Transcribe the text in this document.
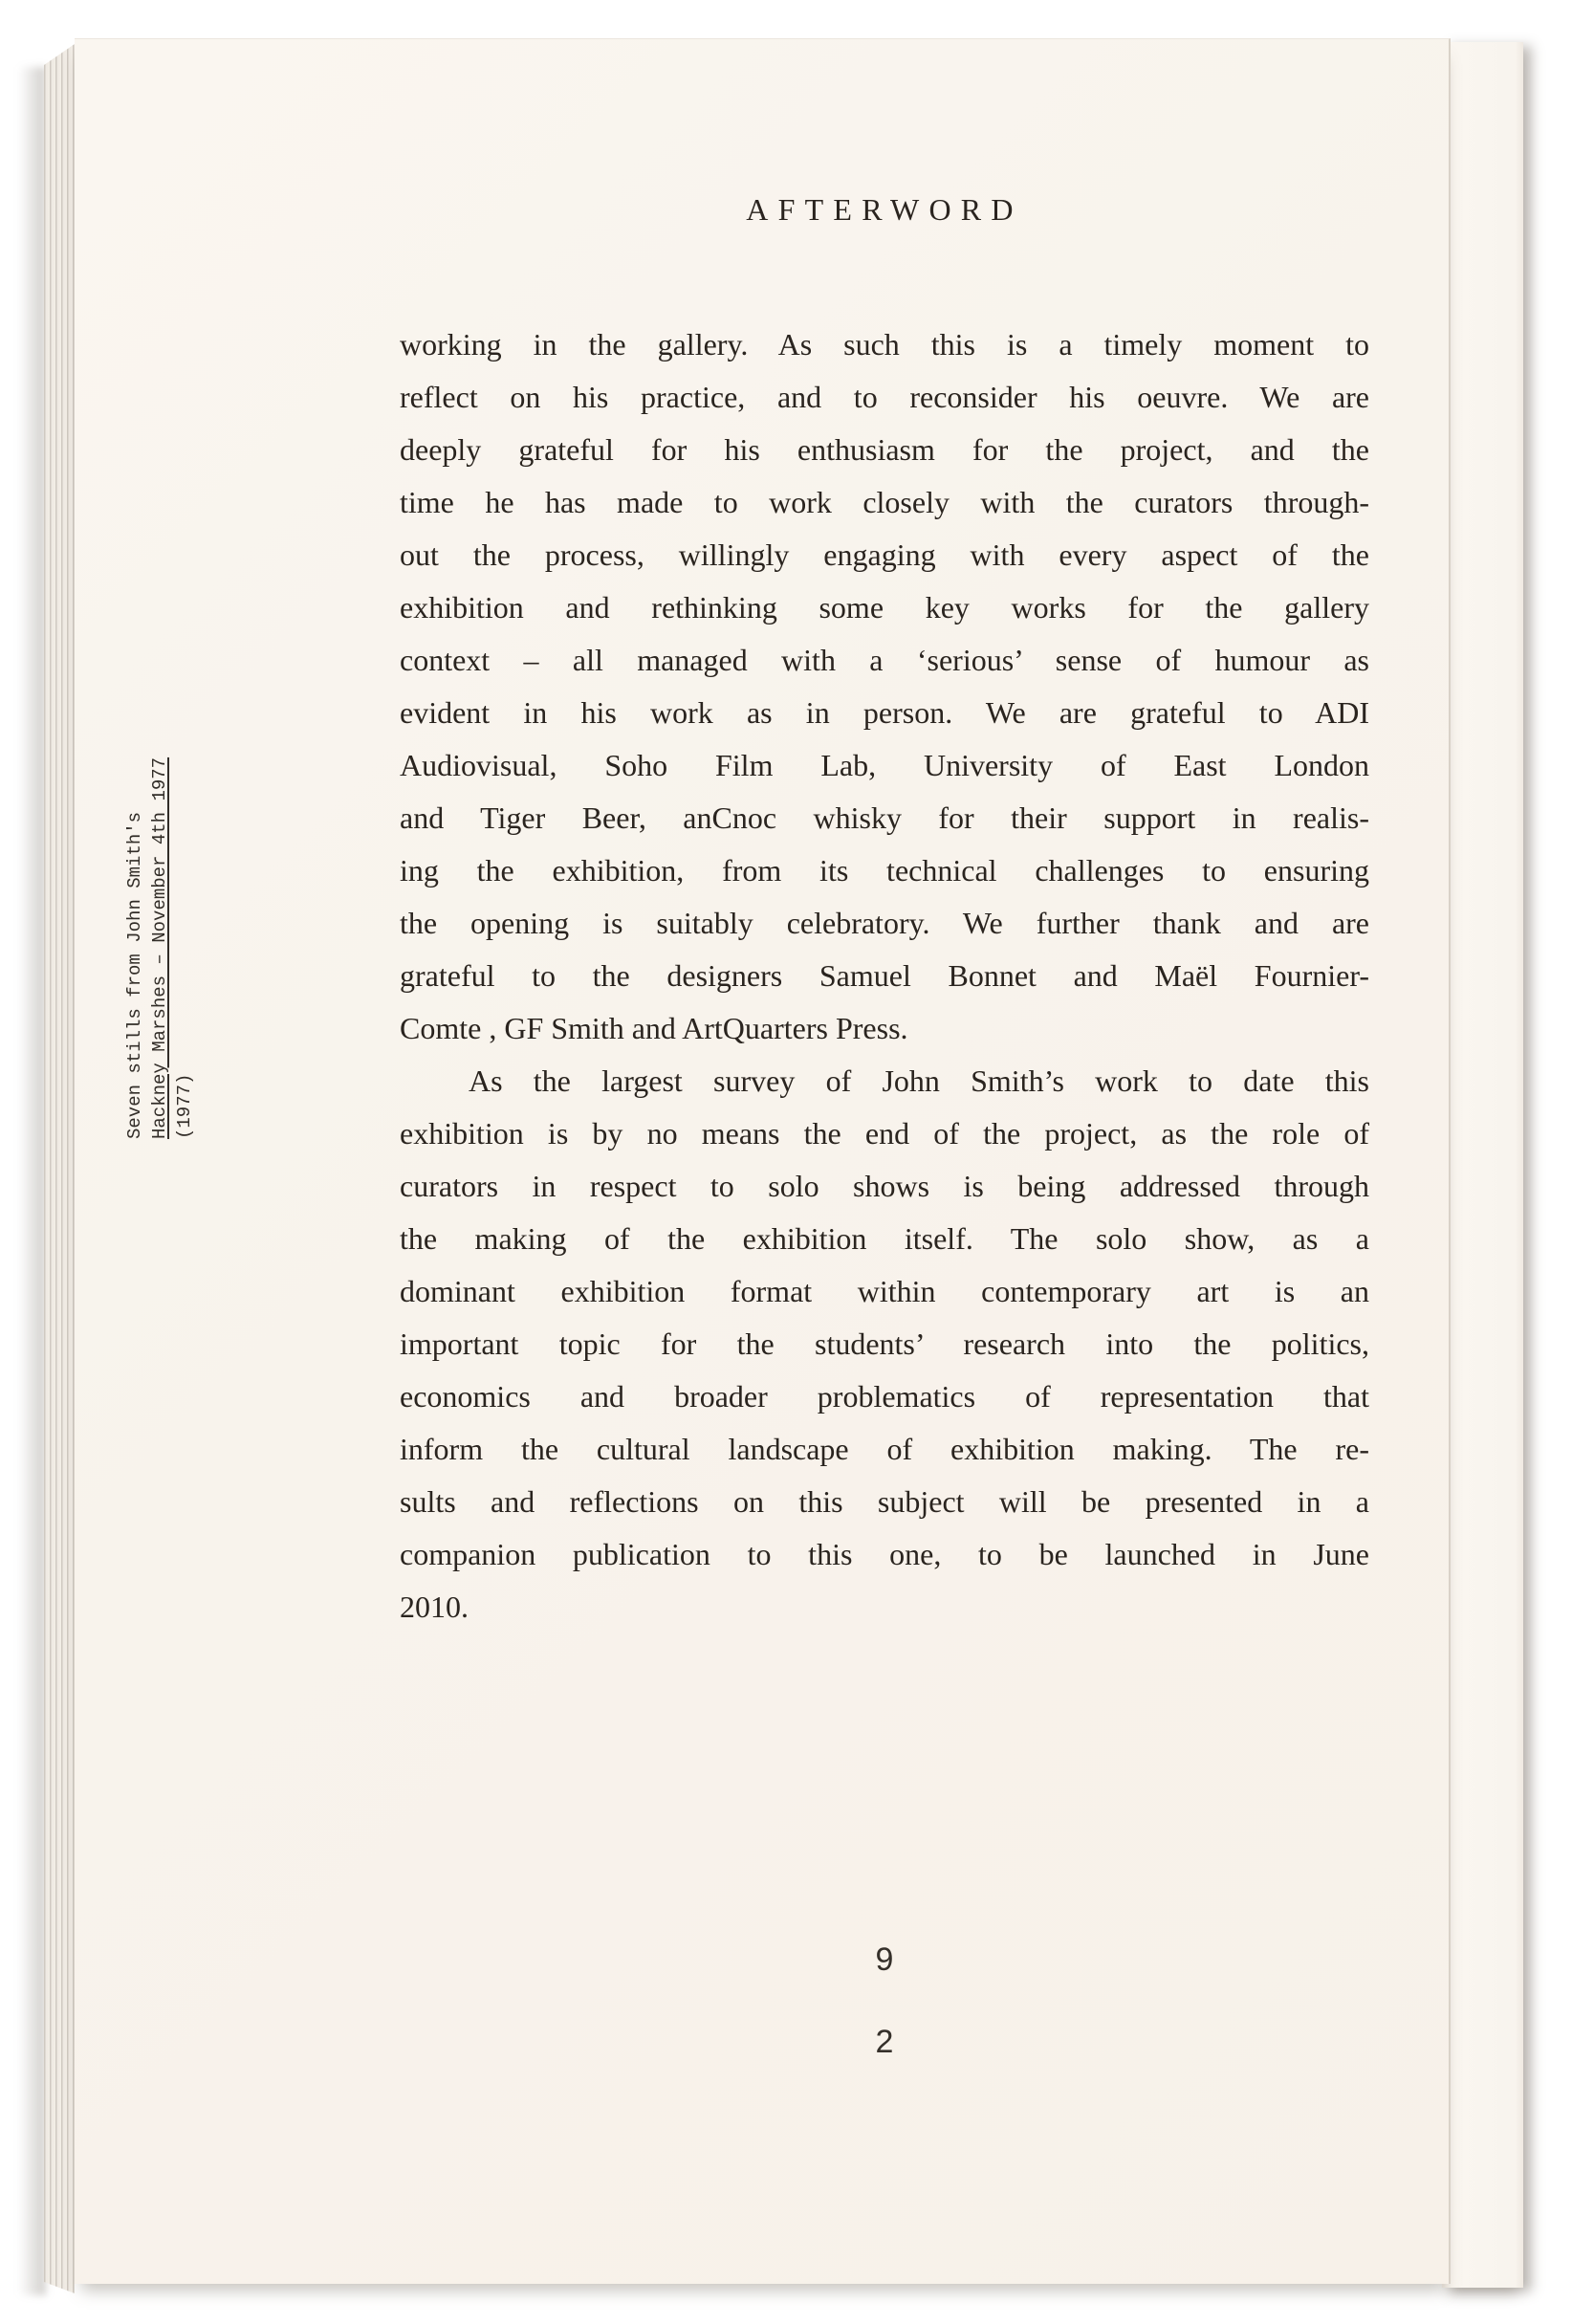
AFTERWORD
working in the gallery. As such this is a timely moment to
reflect on his practice, and to reconsider his oeuvre. We are
deeply grateful for his enthusiasm for the project, and the
time he has made to work closely with the curators through-
out the process, willingly engaging with every aspect of the
exhibition and rethinking some key works for the gallery
context – all managed with a ‘serious’ sense of humour as
evident in his work as in person. We are grateful to ADI
Audiovisual, Soho Film Lab, University of East London
and Tiger Beer, anCnoc whisky for their support in realis-
ing the exhibition, from its technical challenges to ensuring
the opening is suitably celebratory. We further thank and are
grateful to the designers Samuel Bonnet and Maël Fournier-
Comte , GF Smith and ArtQuarters Press.
As the largest survey of John Smith’s work to date this
exhibition is by no means the end of the project, as the role of
curators in respect to solo shows is being addressed through
the making of the exhibition itself. The solo show, as a
dominant exhibition format within contemporary art is an
important topic for the students’ research into the politics,
economics and broader problematics of representation that
inform the cultural landscape of exhibition making. The re-
sults and reflections on this subject will be presented in a
companion publication to this one, to be launched in June
2010.
Seven stills from John Smith's Hackney Marshes – November 4th 1977 (1977)
9
2
